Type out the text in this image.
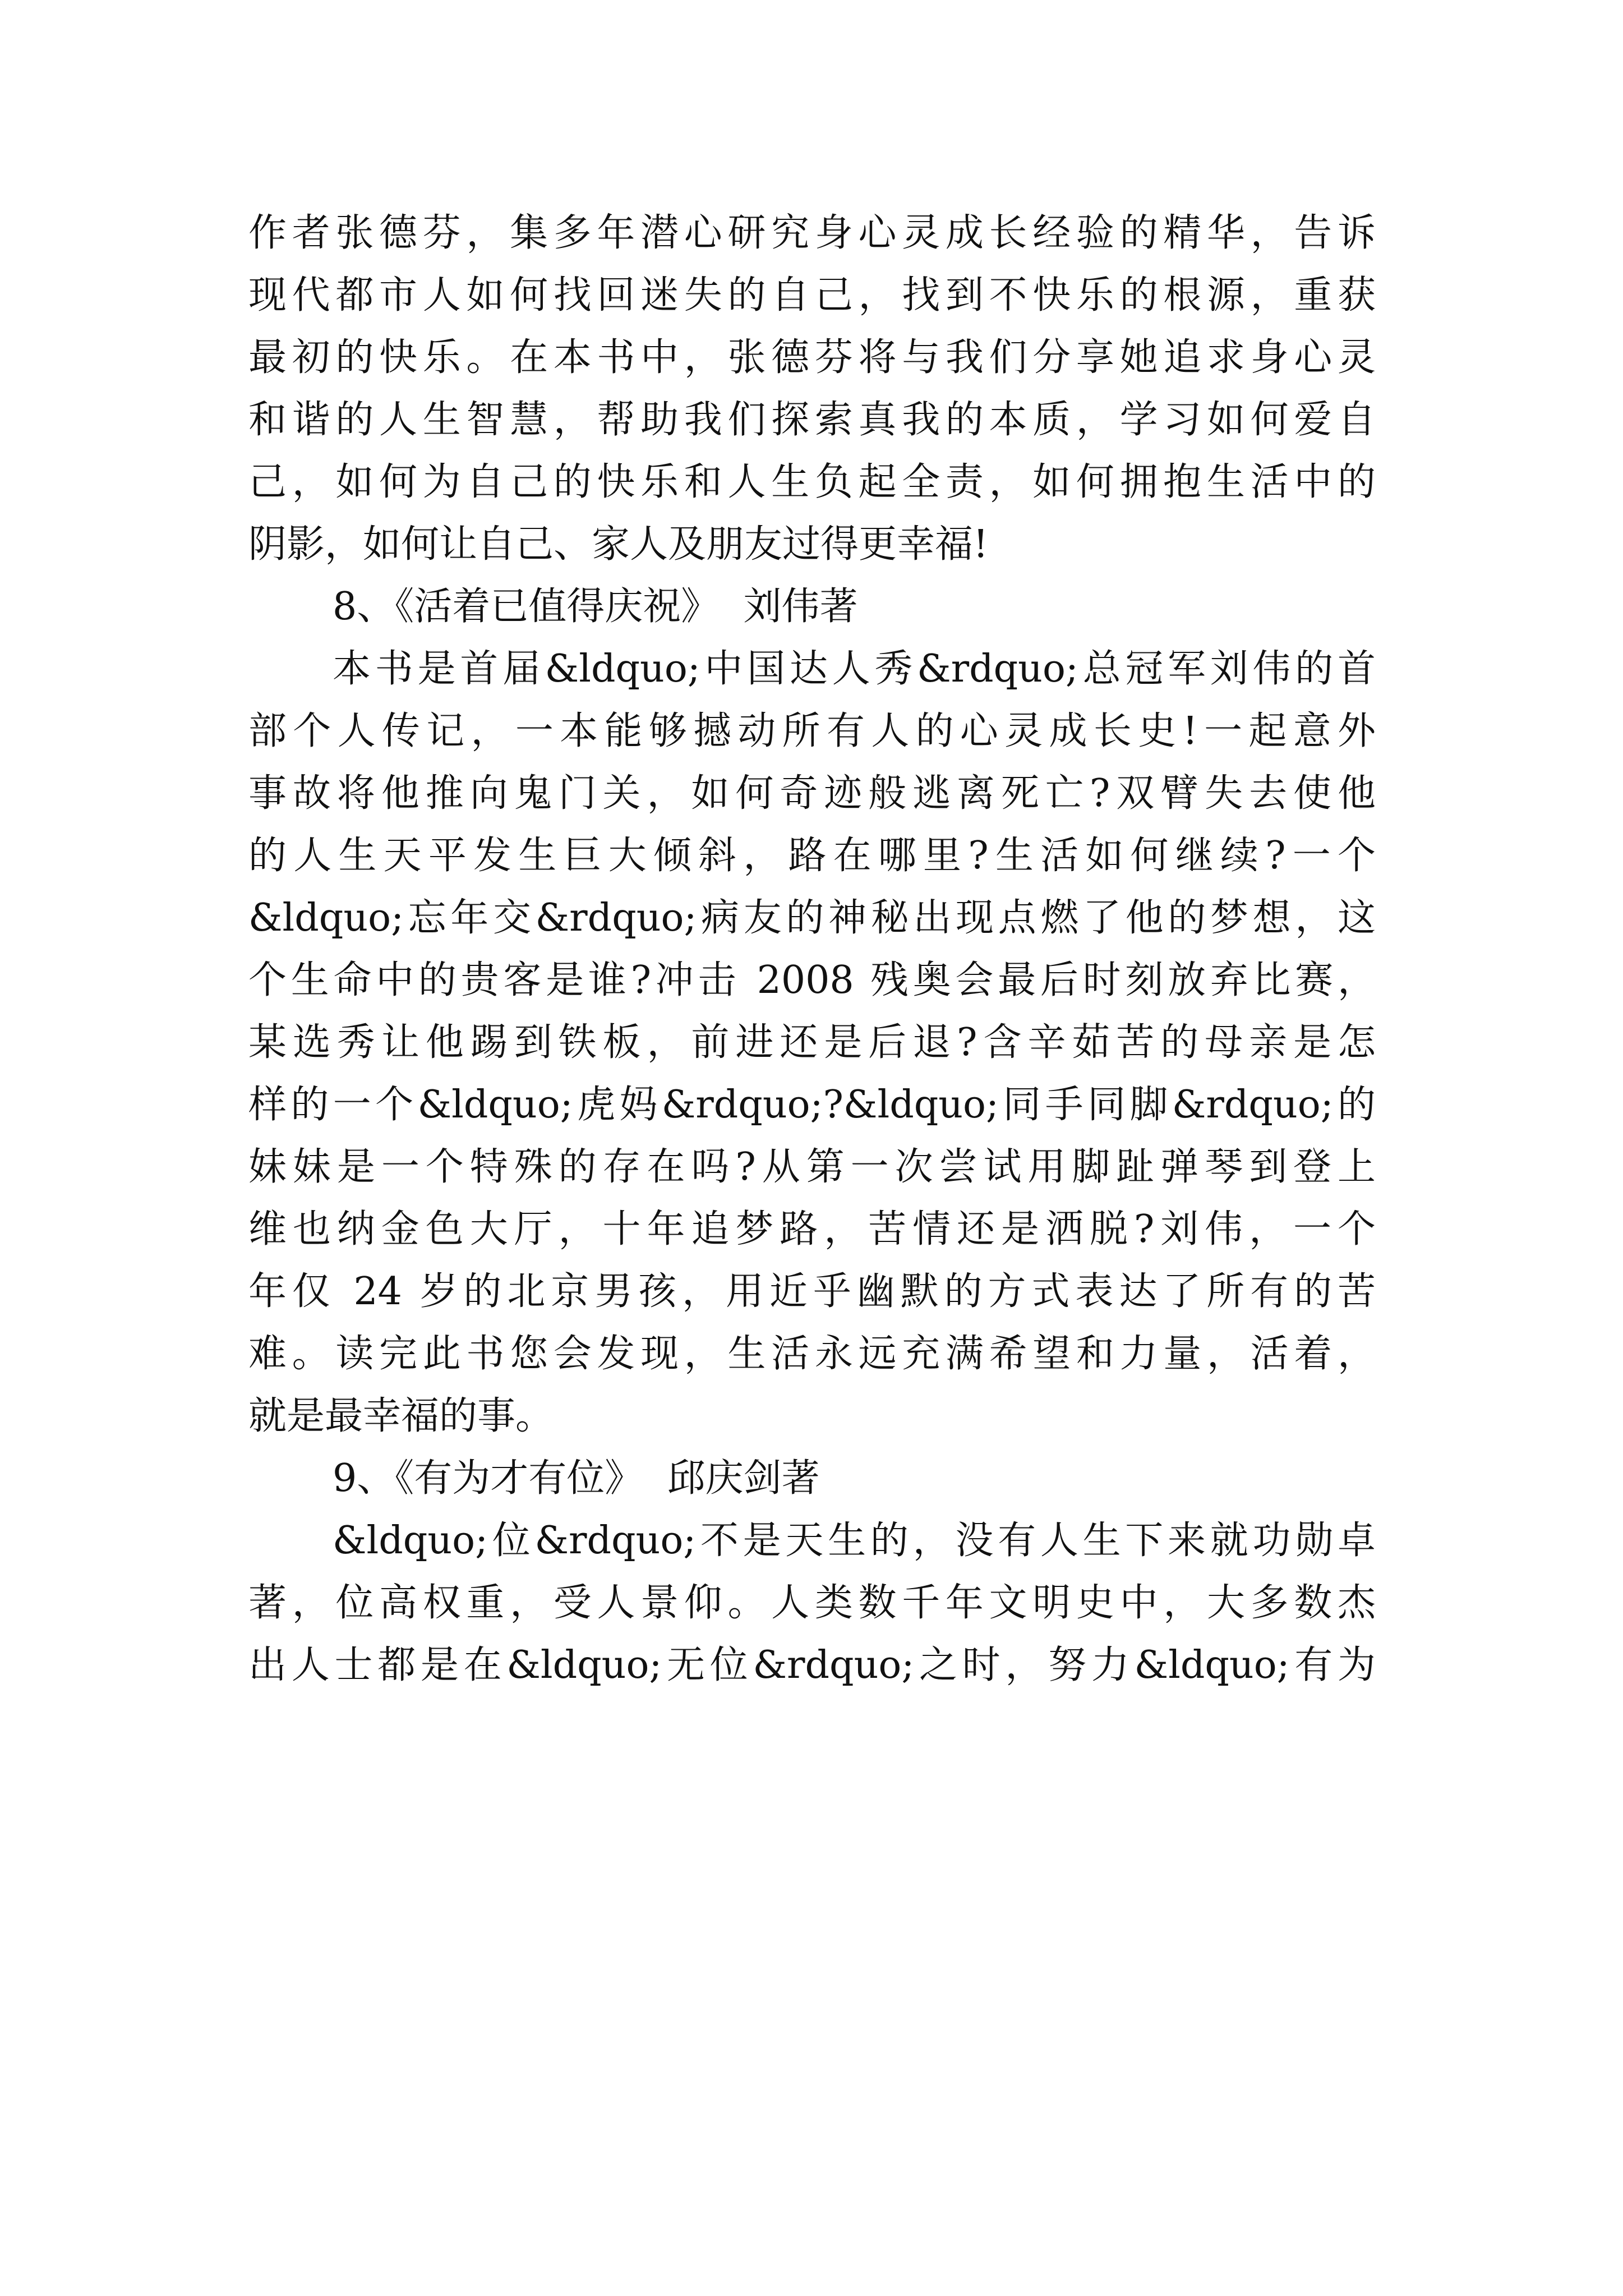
作者张德芬，集多年潜心研究身心灵成长经验的精华，告诉
现代都市人如何找回迷失的自己，找到不快乐的根源，重获
最初的快乐。在本书中，张德芬将与我们分享她追求身心灵
和谐的人生智慧，帮助我们探索真我的本质，学习如何爱自
己，如何为自己的快乐和人生负起全责，如何拥抱生活中的
阴影，如何让自己、家人及朋友过得更幸福!
8、《活着已值得庆祝》  刘伟著
本书是首届&ldquo;中国达人秀&rdquo;总冠军刘伟的首
部个人传记，一本能够撼动所有人的心灵成长史!一起意外
事故将他推向鬼门关，如何奇迹般逃离死亡?双臂失去使他
的人生天平发生巨大倾斜，路在哪里?生活如何继续?一个
&ldquo;忘年交&rdquo;病友的神秘出现点燃了他的梦想，这
个生命中的贵客是谁?冲击 2008 残奥会最后时刻放弃比赛，
某选秀让他踢到铁板，前进还是后退?含辛茹苦的母亲是怎
样的一个&ldquo;虎妈&rdquo;?&ldquo;同手同脚&rdquo;的
妹妹是一个特殊的存在吗?从第一次尝试用脚趾弹琴到登上
维也纳金色大厅，十年追梦路，苦情还是洒脱?刘伟，一个
年仅 24 岁的北京男孩，用近乎幽默的方式表达了所有的苦
难。读完此书您会发现，生活永远充满希望和力量，活着，
就是最幸福的事。
9、《有为才有位》  邱庆剑著
&ldquo;位&rdquo;不是天生的，没有人生下来就功勋卓
著，位高权重，受人景仰。人类数千年文明史中，大多数杰
出人士都是在&ldquo;无位&rdquo;之时，努力&ldquo;有为
